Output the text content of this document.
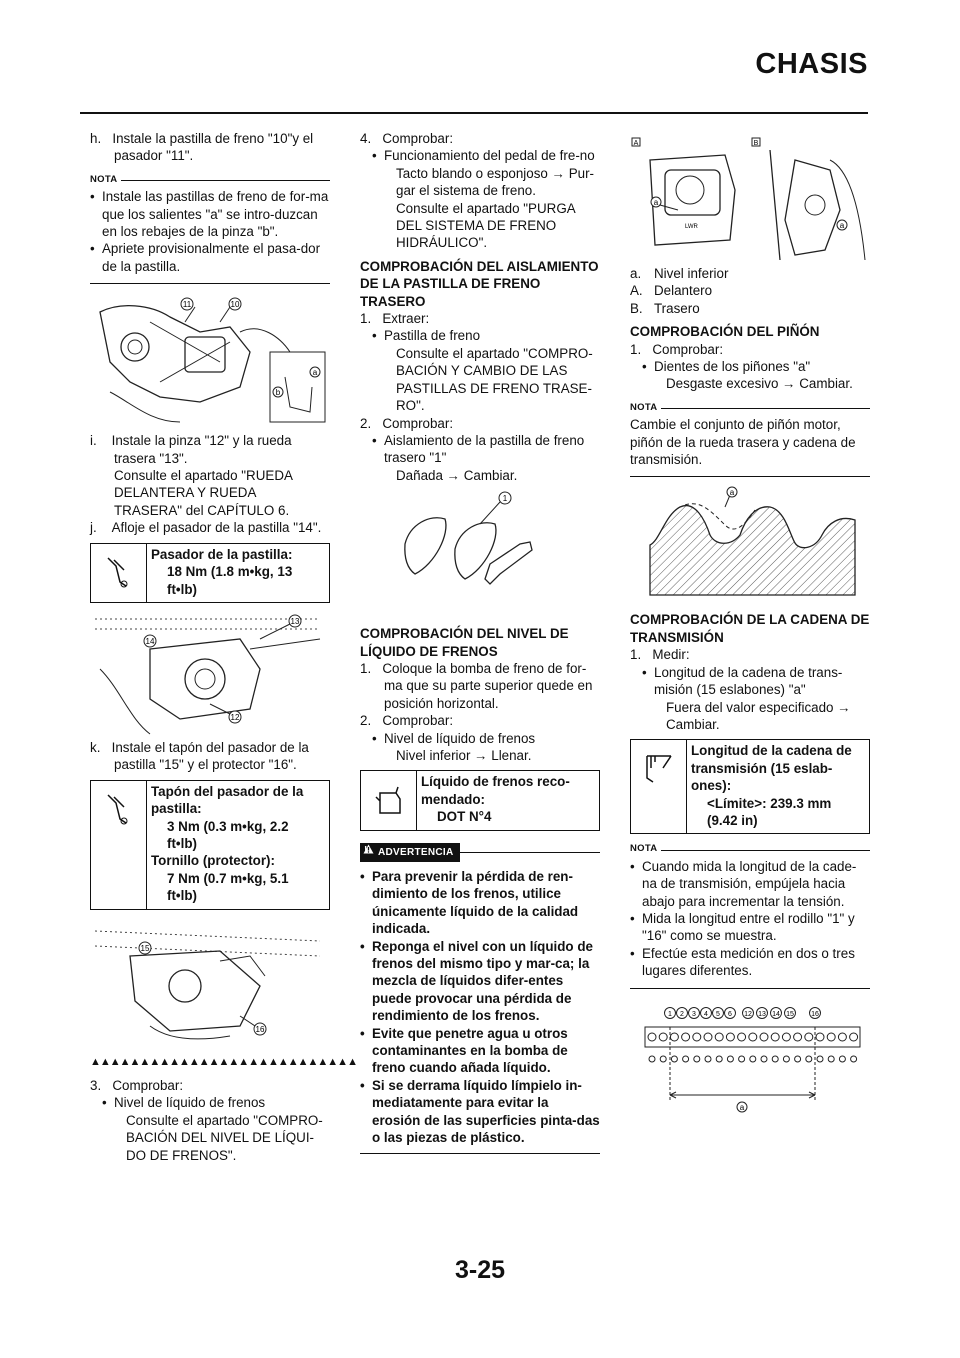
CHASIS
h. Instale la pastilla de freno "10"y el pasador "11".
NOTA
• Instale las pastillas de freno de for-ma que los salientes "a" se intro-duzcan en los rebajes de la pinza "b".
• Apriete provisionalmente el pasa-dor de la pastilla.
11	10
a
b
i. Instale la pinza "12" y la rueda trasera "13".
Consulte el apartado "RUEDA
DELANTERA Y RUEDA
TRASERA" del CAPÍTULO 6.
j. Afloje el pasador de la pastilla "14".
Pasador de la pastilla:
18 Nm (1.8 m•kg, 13
ft•lb)
13
14
12
k. Instale el tapón del pasador de la pastilla "15" y el protector "16".
Tapón del pasador de la
pastilla:
3 Nm (0.3 m•kg, 2.2
ft•lb)
Tornillo (protector):
7 Nm (0.7 m•kg, 5.1
ft•lb)
15
16
▲▲▲▲▲▲▲▲▲▲▲▲▲▲▲▲▲▲▲▲▲▲▲▲▲▲▲
3. Comprobar:
• Nivel de líquido de frenos
Consulte el apartado "COMPRO-
BACIÓN DEL NIVEL DE LÍQUI-
DO DE FRENOS".
4. Comprobar:
• Funcionamiento del pedal de fre-no
Tacto blando o esponjoso → Pur-gar el sistema de freno.
Consulte el apartado "PURGA DEL SISTEMA DE FRENO HIDRÁULICO".
COMPROBACIÓN DEL AISLAMIENTO DE LA PASTILLA DE FRENO TRASERO
1. Extraer:
• Pastilla de freno
Consulte el apartado "COMPRO-BACIÓN Y CAMBIO DE LAS PASTILLAS DE FRENO TRASE-RO".
2. Comprobar:
• Aislamiento de la pastilla de freno trasero "1"
Dañada → Cambiar.
1
COMPROBACIÓN DEL NIVEL DE LÍQUIDO DE FRENOS
1. Coloque la bomba de freno de for-ma que su parte superior quede en posición horizontal.
2. Comprobar:
• Nivel de líquido de frenos
Nivel inferior → Llenar.
Líquido de frenos reco-
mendado:
DOT N°4
! ADVERTENCIA
• Para prevenir la pérdida de ren-dimiento de los frenos, utilice únicamente líquido de la calidad indicada.
• Reponga el nivel con un líquido de frenos del mismo tipo y mar-ca; la mezcla de líquidos difer-entes puede provocar una pérdida de rendimiento de los frenos.
• Evite que penetre agua u otros contaminantes en la bomba de freno cuando añada líquido.
• Si se derrama líquido límpielo in-mediatamente para evitar la erosión de las superficies pinta-das o las piezas de plástico.
A	B
LWR
a
a
a. Nivel inferior
A. Delantero
B. Trasero
COMPROBACIÓN DEL PIÑÓN
1. Comprobar:
• Dientes de los piñones "a"
Desgaste excesivo → Cambiar.
NOTA
Cambie el conjunto de piñón motor, piñón de la rueda trasera y cadena de transmisión.
a
COMPROBACIÓN DE LA CADENA DE TRANSMISIÓN
1. Medir:
• Longitud de la cadena de trans-misión (15 eslabones) "a"
Fuera del valor especificado → Cambiar.
Longitud de la cadena de
transmisión (15 eslab-
ones):
<Límite>: 239.3 mm
(9.42 in)
NOTA
• Cuando mida la longitud de la cade-na de transmisión, empújela hacia abajo para incrementar la tensión.
• Mida la longitud entre el rodillo "1" y "16" como se muestra.
• Efectúe esta medición en dos o tres lugares diferentes.
a
1 2 3 4 5 6 12 13 14 15 16
3-25
